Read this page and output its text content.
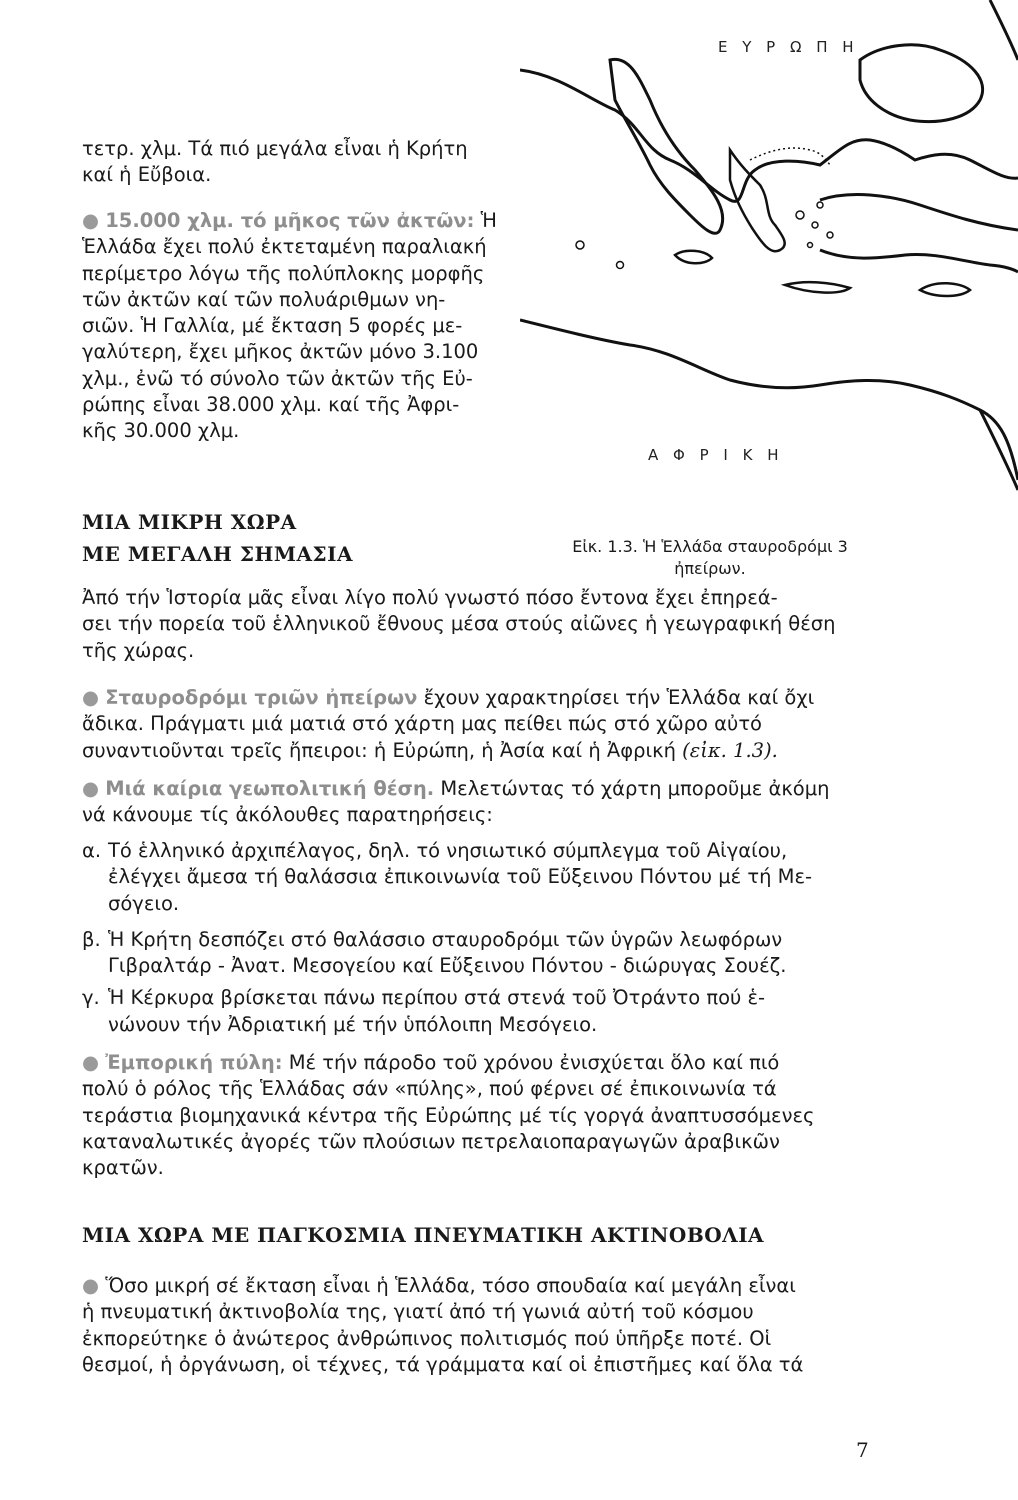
τετρ. χλμ. Τά πιό μεγάλα εἶναι ἡ Κρήτη
καί ἡ Εὔβοια.
● 15.000 χλμ. τό μῆκος τῶν ἀκτῶν: Ἡ
Ἑλλάδα ἔχει πολύ ἐκτεταμένη παραλιακή
περίμετρο λόγω τῆς πολύπλοκης μορφῆς
τῶν ἀκτῶν καί τῶν πολυάριθμων νη-
σιῶν. Ἡ Γαλλία, μέ ἔκταση 5 φορές με-
γαλύτερη, ἔχει μῆκος ἀκτῶν μόνο 3.100
χλμ., ἐνῶ τό σύνολο τῶν ἀκτῶν τῆς Εὐ-
ρώπης εἶναι 38.000 χλμ. καί τῆς Ἀφρι-
κῆς 30.000 χλμ.
ΜΙΑ ΜΙΚΡΗ ΧΩΡΑ
ΜΕ ΜΕΓΑΛΗ ΣΗΜΑΣΙΑ
Ε Υ Ρ Ω Π Η
Α Φ Ρ Ι Κ Η
Εἰκ. 1.3. Ἡ Ἑλλάδα σταυροδρόμι 3
ἠπείρων.
Ἀπό τήν Ἱστορία μᾶς εἶναι λίγο πολύ γνωστό πόσο ἔντονα ἔχει ἐπηρεά-
σει τήν πορεία τοῦ ἑλληνικοῦ ἔθνους μέσα στούς αἰῶνες ἡ γεωγραφική θέση
τῆς χώρας.
● Σταυροδρόμι τριῶν ἠπείρων ἔχουν χαρακτηρίσει τήν Ἑλλάδα καί ὄχι
ἄδικα. Πράγματι μιά ματιά στό χάρτη μας πείθει πώς στό χῶρο αὐτό
συναντιοῦνται τρεῖς ἤπειροι: ἡ Εὐρώπη, ἡ Ἀσία καί ἡ Ἀφρική (εἰκ. 1.3).
● Μιά καίρια γεωπολιτική θέση. Μελετώντας τό χάρτη μποροῦμε ἀκόμη
νά κάνουμε τίς ἀκόλουθες παρατηρήσεις:
α. Τό ἑλληνικό ἀρχιπέλαγος, δηλ. τό νησιωτικό σύμπλεγμα τοῦ Αἰγαίου,
ἐλέγχει ἄμεσα τή θαλάσσια ἐπικοινωνία τοῦ Εὔξεινου Πόντου μέ τή Με-
σόγειο.
β. Ἡ Κρήτη δεσπόζει στό θαλάσσιο σταυροδρόμι τῶν ὑγρῶν λεωφόρων
Γιβραλτάρ - Ἀνατ. Μεσογείου καί Εὔξεινου Πόντου - διώρυγας Σουέζ.
γ. Ἡ Κέρκυρα βρίσκεται πάνω περίπου στά στενά τοῦ Ὀτράντο πού ἑ-
νώνουν τήν Ἀδριατική μέ τήν ὑπόλοιπη Μεσόγειο.
● Ἐμπορική πύλη: Μέ τήν πάροδο τοῦ χρόνου ἐνισχύεται ὅλο καί πιό
πολύ ὁ ρόλος τῆς Ἑλλάδας σάν «πύλης», πού φέρνει σέ ἐπικοινωνία τά
τεράστια βιομηχανικά κέντρα τῆς Εὐρώπης μέ τίς γοργά ἀναπτυσσόμενες
καταναλωτικές ἀγορές τῶν πλούσιων πετρελαιοπαραγωγῶν ἀραβικῶν
κρατῶν.
ΜΙΑ ΧΩΡΑ ΜΕ ΠΑΓΚΟΣΜΙΑ ΠΝΕΥΜΑΤΙΚΗ ΑΚΤΙΝΟΒΟΛΙΑ
● Ὅσο μικρή σέ ἔκταση εἶναι ἡ Ἑλλάδα, τόσο σπουδαία καί μεγάλη εἶναι
ἡ πνευματική ἀκτινοβολία της, γιατί ἀπό τή γωνιά αὐτή τοῦ κόσμου
ἐκπορεύτηκε ὁ ἀνώτερος ἀνθρώπινος πολιτισμός πού ὑπῆρξε ποτέ. Οἱ
θεσμοί, ἡ ὀργάνωση, οἱ τέχνες, τά γράμματα καί οἱ ἐπιστῆμες καί ὅλα τά
7
